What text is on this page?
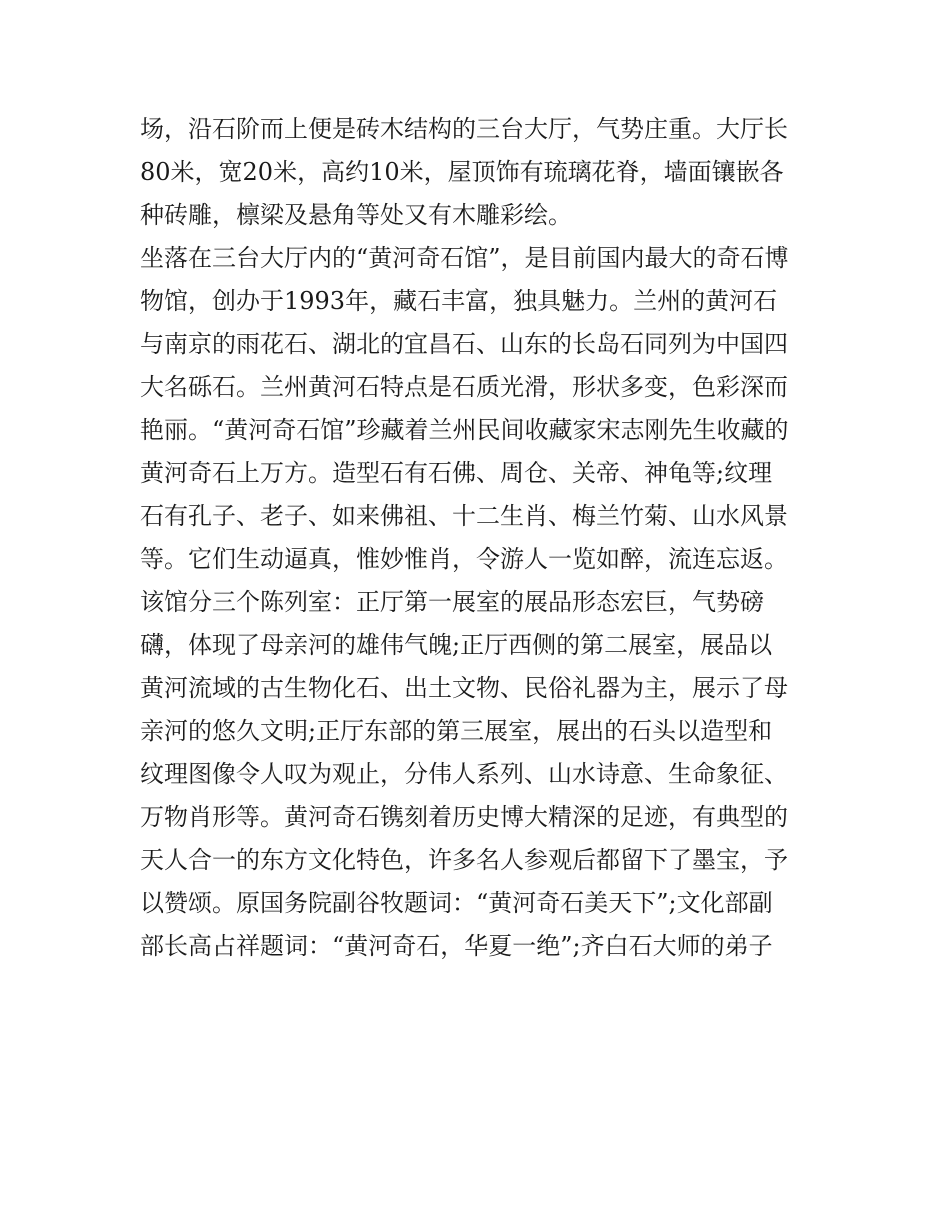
场，沿石阶而上便是砖木结构的三台大厅，气势庄重。大厅长
80米，宽20米，高约10米，屋顶饰有琉璃花脊，墙面镶嵌各
种砖雕，檩梁及悬角等处又有木雕彩绘。
坐落在三台大厅内的“黄河奇石馆”，是目前国内最大的奇石博
物馆，创办于1993年，藏石丰富，独具魅力。兰州的黄河石
与南京的雨花石、湖北的宜昌石、山东的长岛石同列为中国四
大名砾石。兰州黄河石特点是石质光滑，形状多变，色彩深而
艳丽。“黄河奇石馆”珍藏着兰州民间收藏家宋志刚先生收藏的
黄河奇石上万方。造型石有石佛、周仓、关帝、神龟等;纹理
石有孔子、老子、如来佛祖、十二生肖、梅兰竹菊、山水风景
等。它们生动逼真，惟妙惟肖，令游人一览如醉，流连忘返。
该馆分三个陈列室：正厅第一展室的展品形态宏巨，气势磅
礴，体现了母亲河的雄伟气魄;正厅西侧的第二展室，展品以
黄河流域的古生物化石、出土文物、民俗礼器为主，展示了母
亲河的悠久文明;正厅东部的第三展室，展出的石头以造型和
纹理图像令人叹为观止，分伟人系列、山水诗意、生命象征、
万物肖形等。黄河奇石镌刻着历史博大精深的足迹，有典型的
天人合一的东方文化特色，许多名人参观后都留下了墨宝，予
以赞颂。原国务院副谷牧题词：“黄河奇石美天下”;文化部副
部长高占祥题词：“黄河奇石，华夏一绝”;齐白石大师的弟子
